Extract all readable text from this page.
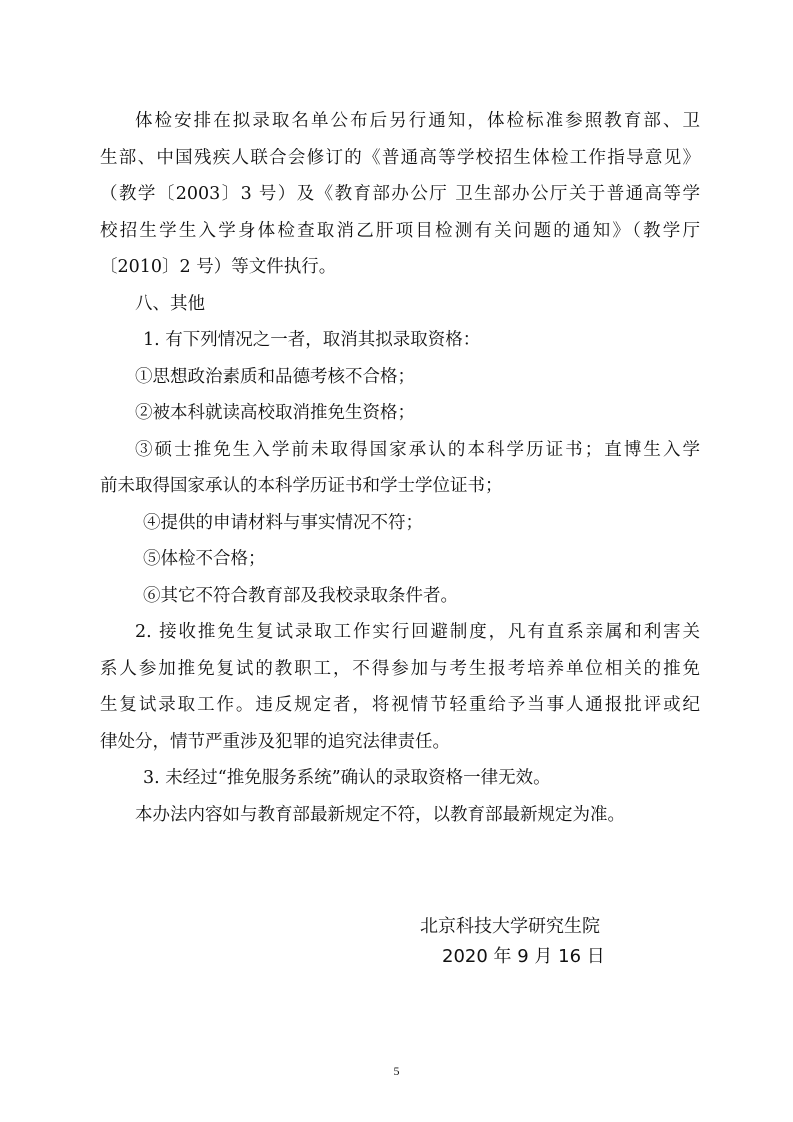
体检安排在拟录取名单公布后另行通知，体检标准参照教育部、卫
生部、中国残疾人联合会修订的《普通高等学校招生体检工作指导意见》
（教学〔2003〕3 号）及《教育部办公厅 卫生部办公厅关于普通高等学
校招生学生入学身体检查取消乙肝项目检测有关问题的通知》（教学厅
〔2010〕2 号）等文件执行。
八、其他
1. 有下列情况之一者，取消其拟录取资格：
①思想政治素质和品德考核不合格；
②被本科就读高校取消推免生资格；
③硕士推免生入学前未取得国家承认的本科学历证书；直博生入学
前未取得国家承认的本科学历证书和学士学位证书；
④提供的申请材料与事实情况不符；
⑤体检不合格；
⑥其它不符合教育部及我校录取条件者。
2. 接收推免生复试录取工作实行回避制度，凡有直系亲属和利害关
系人参加推免复试的教职工，不得参加与考生报考培养单位相关的推免
生复试录取工作。违反规定者，将视情节轻重给予当事人通报批评或纪
律处分，情节严重涉及犯罪的追究法律责任。
3. 未经过“推免服务系统”确认的录取资格一律无效。
本办法内容如与教育部最新规定不符，以教育部最新规定为准。
北京科技大学研究生院
2020 年 9 月 16 日
5
